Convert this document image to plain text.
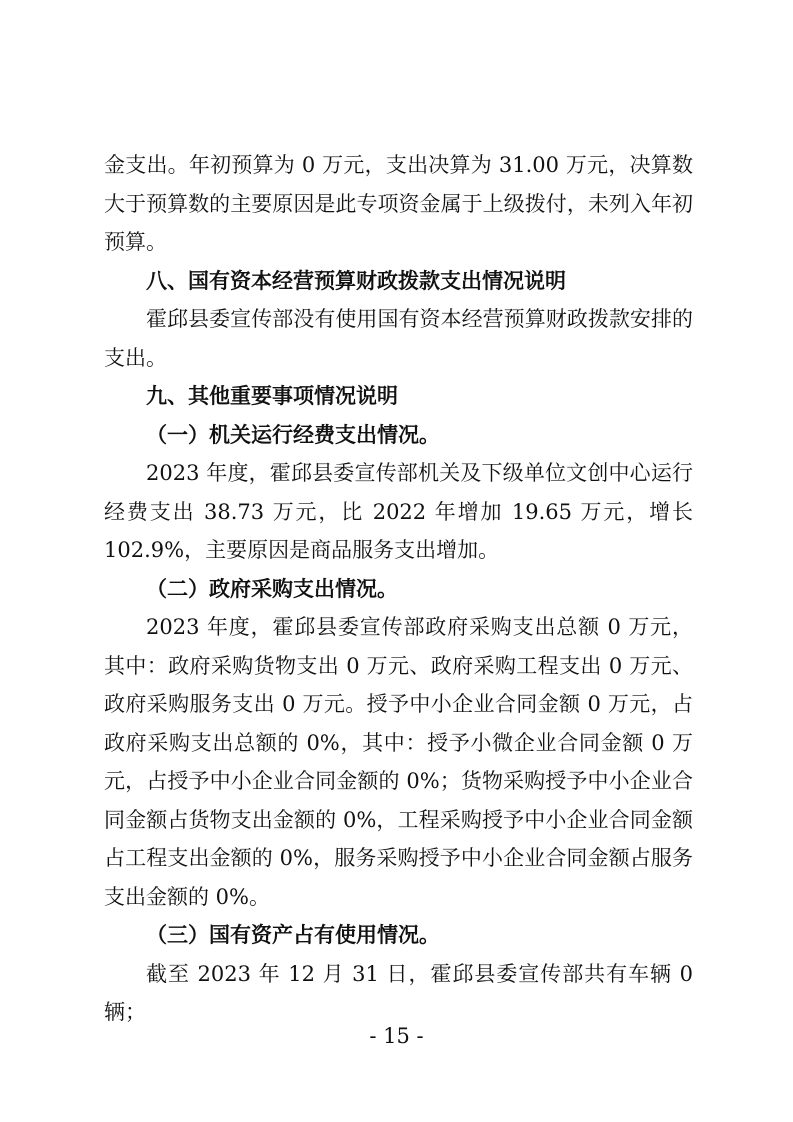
金支出。年初预算为 0 万元，支出决算为 31.00 万元，决算数大于预算数的主要原因是此专项资金属于上级拨付，未列入年初预算。

八、国有资本经营预算财政拨款支出情况说明

霍邱县委宣传部没有使用国有资本经营预算财政拨款安排的支出。

九、其他重要事项情况说明
（一）机关运行经费支出情况。

2023 年度，霍邱县委宣传部机关及下级单位文创中心运行经费支出 38.73 万元，比 2022 年增加 19.65 万元，增长 102.9%，主要原因是商品服务支出增加。

（二）政府采购支出情况。

2023 年度，霍邱县委宣传部政府采购支出总额 0 万元，其中：政府采购货物支出 0 万元、政府采购工程支出 0 万元、政府采购服务支出 0 万元。授予中小企业合同金额 0 万元，占政府采购支出总额的 0%，其中：授予小微企业合同金额 0 万元，占授予中小企业合同金额的 0%；货物采购授予中小企业合同金额占货物支出金额的 0%，工程采购授予中小企业合同金额占工程支出金额的 0%，服务采购授予中小企业合同金额占服务支出金额的 0%。

（三）国有资产占有使用情况。

截至 2023 年 12 月 31 日，霍邱县委宣传部共有车辆 0 辆；

- 15 -
